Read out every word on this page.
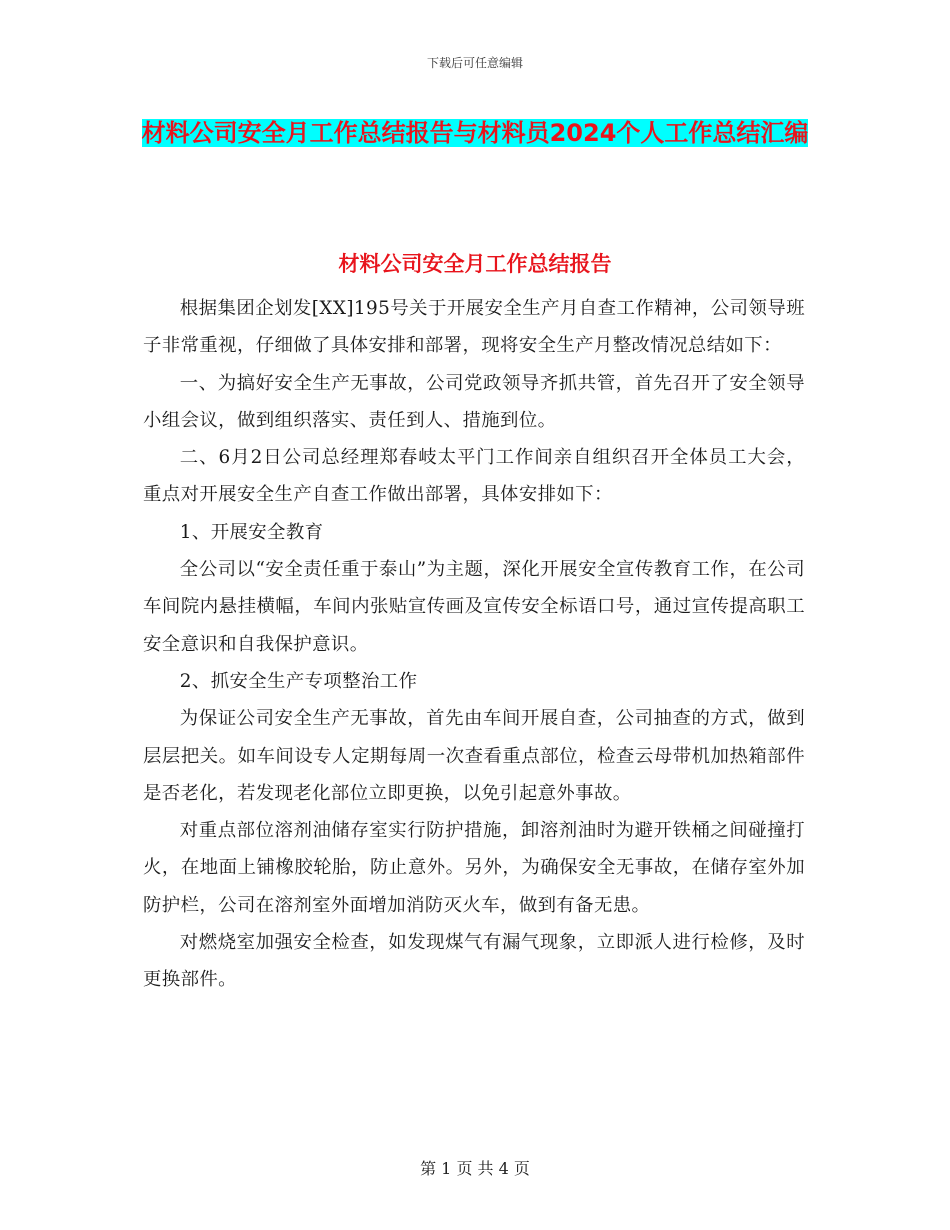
下载后可任意编辑
材料公司安全月工作总结报告与材料员2024个人工作总结汇编
材料公司安全月工作总结报告

根据集团企划发[XX]195号关于开展安全生产月自查工作精神，公司领导班子非常重视，仔细做了具体安排和部署，现将安全生产月整改情况总结如下：

一、为搞好安全生产无事故，公司党政领导齐抓共管，首先召开了安全领导小组会议，做到组织落实、责任到人、措施到位。

二、6月2日公司总经理郑春岐太平门工作间亲自组织召开全体员工大会，重点对开展安全生产自查工作做出部署，具体安排如下：

1、开展安全教育

全公司以“安全责任重于泰山”为主题，深化开展安全宣传教育工作，在公司车间院内悬挂横幅，车间内张贴宣传画及宣传安全标语口号，通过宣传提高职工安全意识和自我保护意识。

2、抓安全生产专项整治工作

为保证公司安全生产无事故，首先由车间开展自查，公司抽查的方式，做到层层把关。如车间设专人定期每周一次查看重点部位，检查云母带机加热箱部件是否老化，若发现老化部位立即更换，以免引起意外事故。

对重点部位溶剂油储存室实行防护措施，卸溶剂油时为避开铁桶之间碰撞打火，在地面上铺橡胶轮胎，防止意外。另外，为确保安全无事故，在储存室外加防护栏，公司在溶剂室外面增加消防灭火车，做到有备无患。

对燃烧室加强安全检查，如发现煤气有漏气现象，立即派人进行检修，及时更换部件。

第 1 页 共 4 页
